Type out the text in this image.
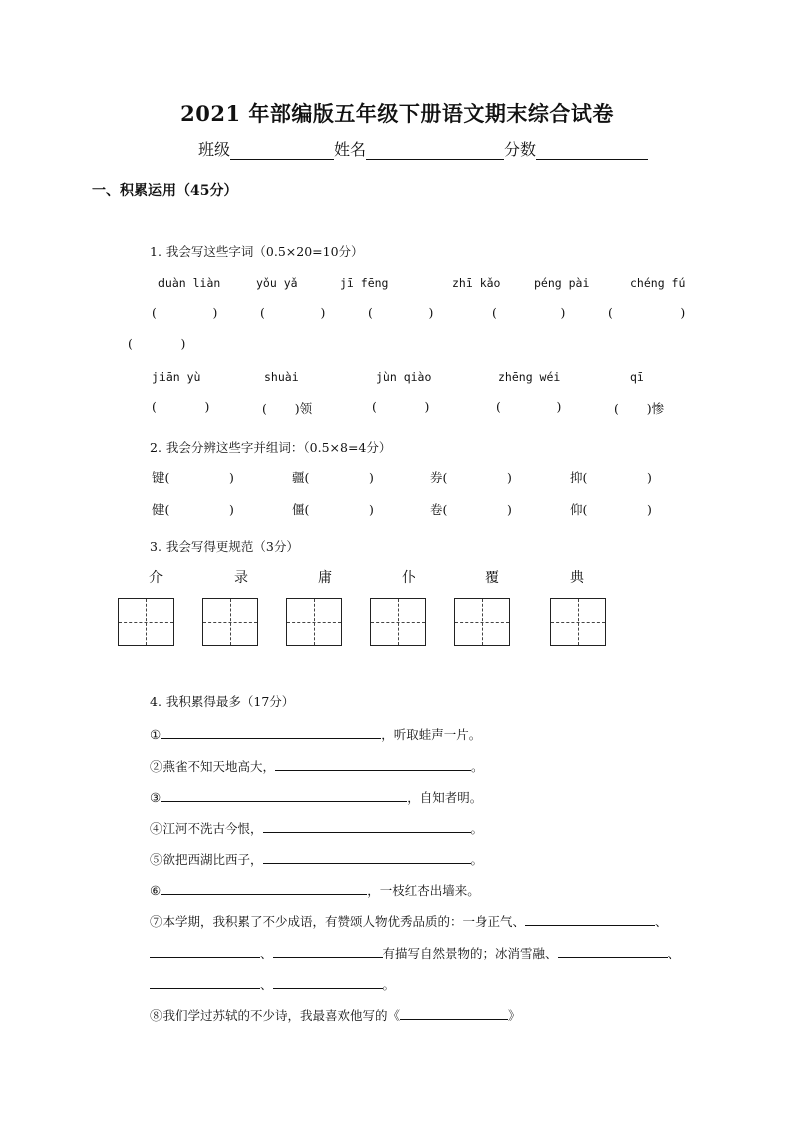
2021 年部编版五年级下册语文期末综合试卷
班级	姓名	分数
一、积累运用（45分）
1. 我会写这些字词（0.5×20=10分）
duàn liàn	yǒu yǎ	jī fēng	zhī kǎo	péng pài	chéng fú
(              )	(              )	(              )	(                )	(                 )
(            )
jiān yù	shuài	jùn qiào	zhēng wéi	qī
(            )	(       )领	(            )	(              )	(       )惨
2. 我会分辨这些字并组词：（0.5×8=4分）
键(               )	疆(               )	券(               )	抑(               )
健(               )	僵(               )	卷(               )	仰(               )
3. 我会写得更规范（3分）
介	录	庸	仆	覆	典
4. 我积累得最多（17分）
①	，听取蛙声一片。
②燕雀不知天地高大，	。
③	，自知者明。
④江河不洗古今恨，	。
⑤欲把西湖比西子，	。
⑥	，一枝红杏出墙来。
⑦本学期，我积累了不少成语，有赞颂人物优秀品质的：一身正气、	、
、	有描写自然景物的；冰消雪融、	、
、	。
⑧我们学过苏轼的不少诗，我最喜欢他写的《	》
